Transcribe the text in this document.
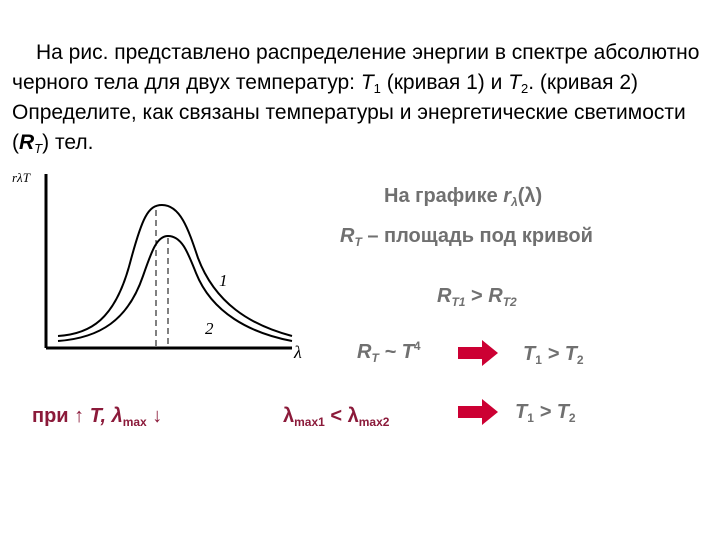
На рис. представлено распределение энергии в спектре абсолютно черного тела для двух температур: $T_1$ (кривая 1) и $T_2$. (кривая 2) Определите, как связаны температуры и энергетические светимости $(R_T)$ тел.

rλT
λ
1
2
На графике $r_\lambda(\lambda)$
$R_T$ – площадь под кривой
$R_{T1} > R_{T2}$
$R_T$ ~ $T^4$	$T_1 > T_2$
при ↑ T, $\lambda_{max}$ ↓	$\lambda_{max1} < \lambda_{max2}$	$T_1 > T_2$
